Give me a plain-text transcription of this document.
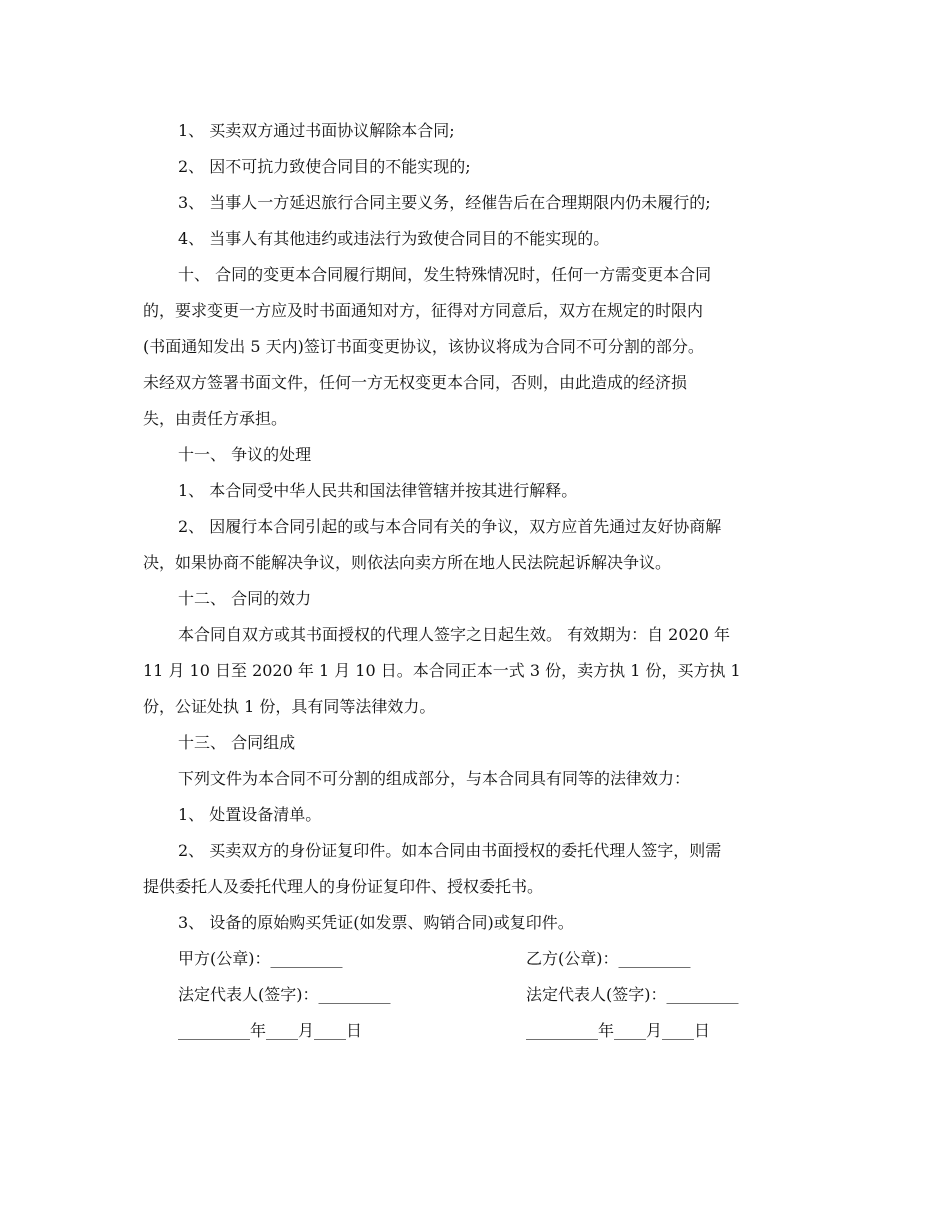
1、 买卖双方通过书面协议解除本合同;

2、 因不可抗力致使合同目的不能实现的;

3、 当事人一方延迟旅行合同主要义务，经催告后在合理期限内仍未履行的;

4、 当事人有其他违约或违法行为致使合同目的不能实现的。

十、 合同的变更本合同履行期间，发生特殊情况时，任何一方需变更本合同

的，要求变更一方应及时书面通知对方，征得对方同意后，双方在规定的时限内

(书面通知发出 5 天内)签订书面变更协议，该协议将成为合同不可分割的部分。

未经双方签署书面文件，任何一方无权变更本合同，否则，由此造成的经济损

失，由责任方承担。

十一、 争议的处理

1、 本合同受中华人民共和国法律管辖并按其进行解释。

2、 因履行本合同引起的或与本合同有关的争议，双方应首先通过友好协商解

决，如果协商不能解决争议，则依法向卖方所在地人民法院起诉解决争议。

十二、 合同的效力

本合同自双方或其书面授权的代理人签字之日起生效。 有效期为：自 2020 年

11 月 10 日至 2020 年 1 月 10 日。本合同正本一式 3 份，卖方执 1 份，买方执 1

份，公证处执 1 份，具有同等法律效力。

十三、 合同组成

下列文件为本合同不可分割的组成部分，与本合同具有同等的法律效力：

1、 处置设备清单。

2、 买卖双方的身份证复印件。如本合同由书面授权的委托代理人签字，则需

提供委托人及委托代理人的身份证复印件、授权委托书。

3、 设备的原始购买凭证(如发票、购销合同)或复印件。

甲方(公章)：_________	乙方(公章)：_________
法定代表人(签字)：_________	法定代表人(签字)：_________
_________年____月____日	_________年____月____日
